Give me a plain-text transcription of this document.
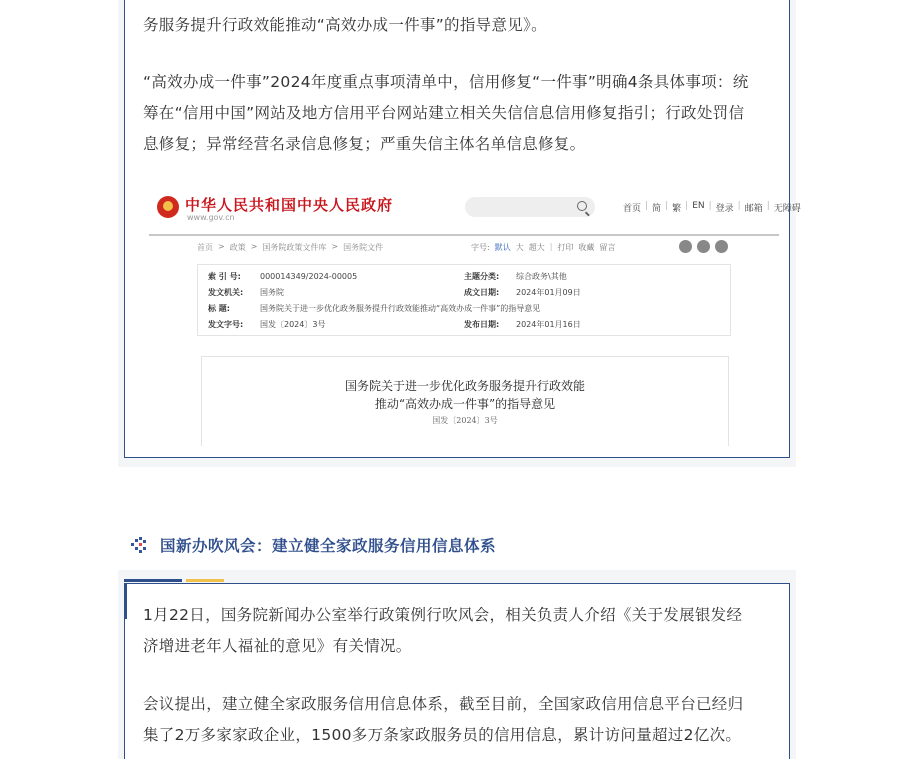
务服务提升行政效能推动“高效办成一件事”的指导意见》。

“高效办成一件事”2024年度重点事项清单中，信用修复“一件事”明确4条具体事项：统

筹在“信用中国”网站及地方信用平台网站建立相关失信信息信用修复指引；行政处罚信

息修复；异常经营名录信息修复；严重失信主体名单信息修复。

中华人民共和国中央人民政府
www.gov.cn
首页 | 简 | 繁 | EN | 登录 | 邮箱 | 无障碍
首页 > 政策 > 国务院政策文件库 > 国务院文件	字号: 默认 大 超大 | 打印 收藏 留言
索 引 号: 000014349/2024-00005	主题分类: 综合政务\其他
发文机关: 国务院	成文日期: 2024年01月09日
标 题:	国务院关于进一步优化政务服务提升行政效能推动“高效办成一件事”的指导意见
发文字号: 国发〔2024〕3号	发布日期: 2024年01月16日
国务院关于进一步优化政务服务提升行政效能
推动“高效办成一件事”的指导意见
国发〔2024〕3号
国新办吹风会：建立健全家政服务信用信息体系

1月22日，国务院新闻办公室举行政策例行吹风会，相关负责人介绍《关于发展银发经

济增进老年人福祉的意见》有关情况。

会议提出，建立健全家政服务信用信息体系，截至目前，全国家政信用信息平台已经归

集了2万多家家政企业，1500多万条家政服务员的信用信息，累计访问量超过2亿次。
